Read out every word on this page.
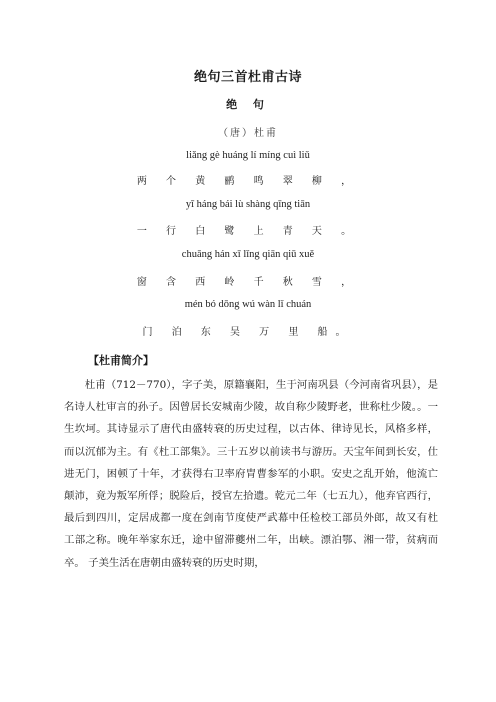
绝句三首杜甫古诗
绝 句
（唐）杜甫
liǎng gè huáng lí míng cuì liǔ
两 个 黄 鹂 鸣 翠 柳 ，
yī háng bái lù shàng qīng tiān
一 行 白 鹭 上 青 天 。
chuāng hán xī lǐng qiān qiū xuě
窗 含 西 岭 千 秋 雪 ，
mén bó dōng wú wàn lǐ chuán
门 泊 东 吴 万 里 船。
【杜甫简介】

杜甫（712－770），字子美，原籍襄阳，生于河南巩县（今河南省巩县），是名诗人杜审言的孙子。因曾居长安城南少陵，故自称少陵野老，世称杜少陵。。一生坎坷。其诗显示了唐代由盛转衰的历史过程，以古体、律诗见长，风格多样，而以沉郁为主。有《杜工部集》。三十五岁以前读书与游历。天宝年间到长安，仕进无门，困顿了十年，才获得右卫率府胄曹参军的小职。安史之乱开始，他流亡颠沛，竟为叛军所俘；脱险后，授官左拾遗。乾元二年（七五九），他弃官西行，最后到四川，定居成都一度在剑南节度使严武幕中任检校工部员外郎，故又有杜工部之称。晚年举家东迁，途中留滞夔州二年，出峡。漂泊鄂、湘一带，贫病而卒。 子美生活在唐朝由盛转衰的历史时期，
